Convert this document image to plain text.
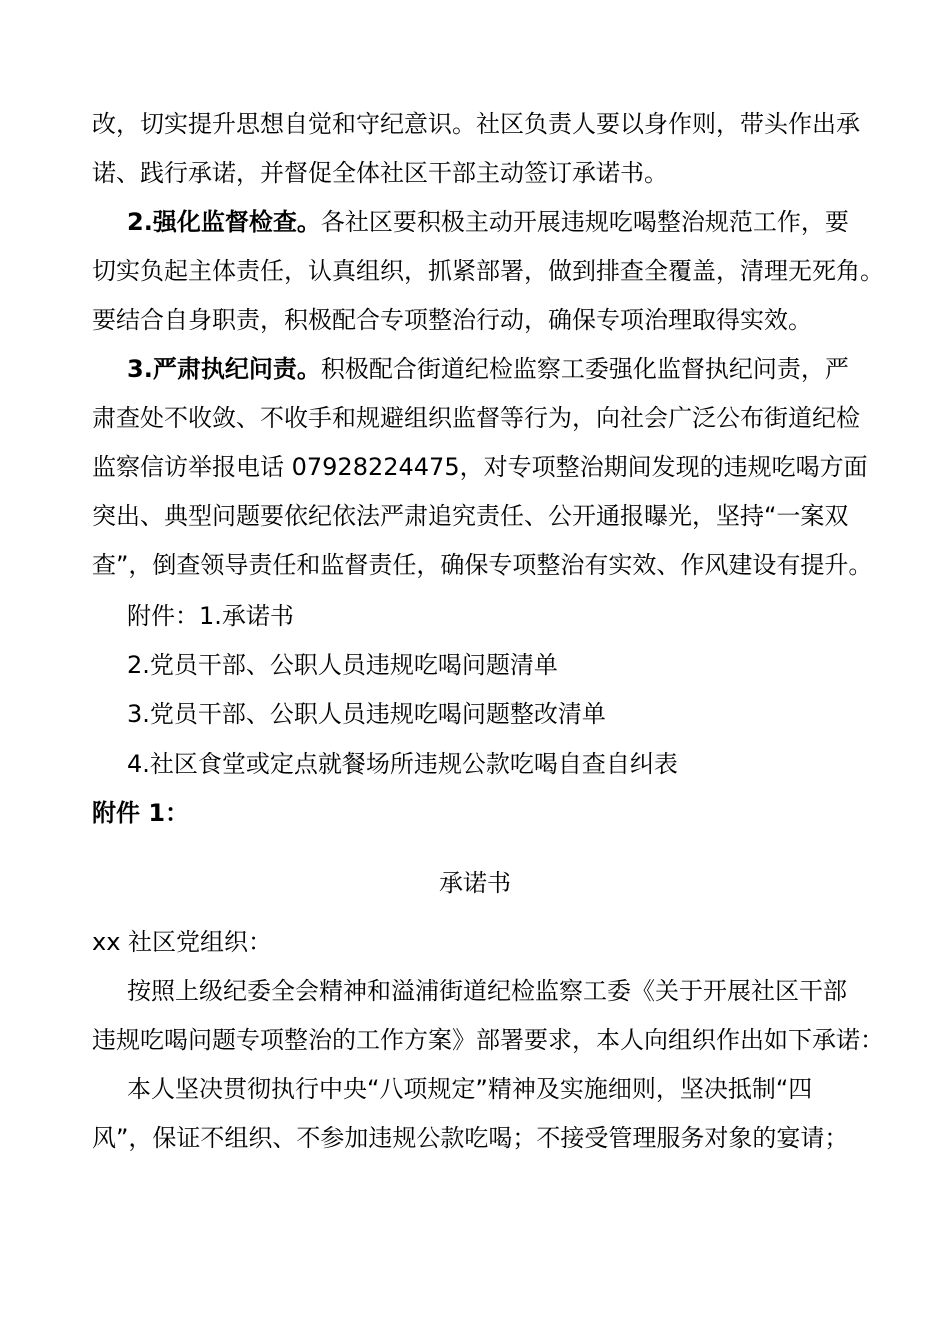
改，切实提升思想自觉和守纪意识。社区负责人要以身作则，带头作出承
诺、践行承诺，并督促全体社区干部主动签订承诺书。
2.强化监督检查。各社区要积极主动开展违规吃喝整治规范工作，要
切实负起主体责任，认真组织，抓紧部署，做到排查全覆盖，清理无死角。
要结合自身职责，积极配合专项整治行动，确保专项治理取得实效。
3.严肃执纪问责。积极配合街道纪检监察工委强化监督执纪问责，严
肃查处不收敛、不收手和规避组织监督等行为，向社会广泛公布街道纪检
监察信访举报电话 07928224475，对专项整治期间发现的违规吃喝方面
突出、典型问题要依纪依法严肃追究责任、公开通报曝光，坚持“一案双
查”，倒查领导责任和监督责任，确保专项整治有实效、作风建设有提升。
附件：1.承诺书
2.党员干部、公职人员违规吃喝问题清单
3.党员干部、公职人员违规吃喝问题整改清单
4.社区食堂或定点就餐场所违规公款吃喝自查自纠表
附件 1：
承诺书
xx 社区党组织：
按照上级纪委全会精神和溢浦街道纪检监察工委《关于开展社区干部
违规吃喝问题专项整治的工作方案》部署要求，本人向组织作出如下承诺：
本人坚决贯彻执行中央“八项规定”精神及实施细则，坚决抵制“四
风”，保证不组织、不参加违规公款吃喝；不接受管理服务对象的宴请；
